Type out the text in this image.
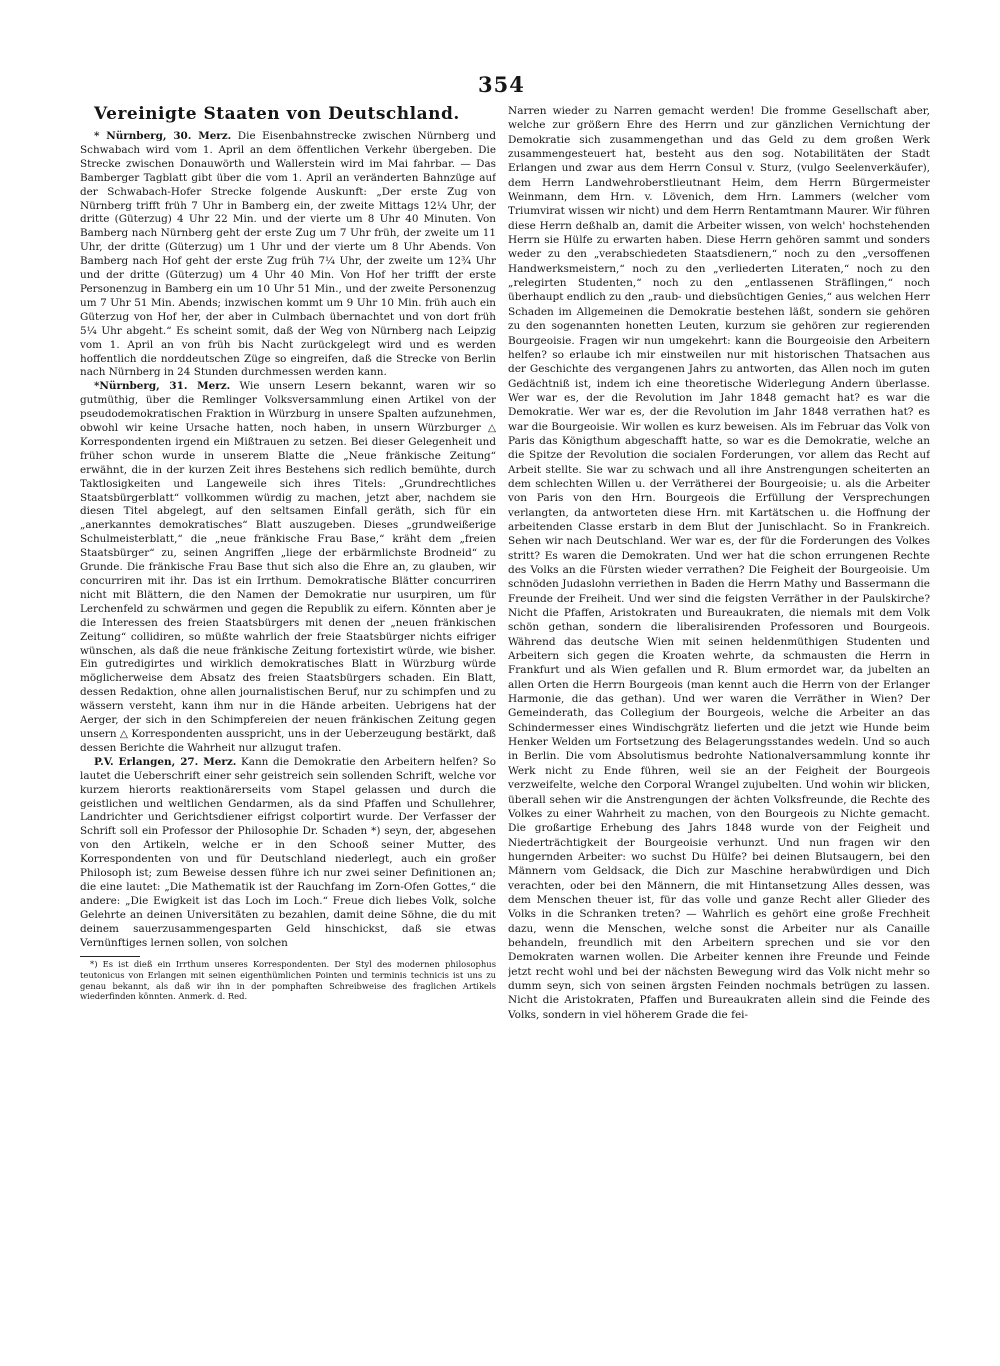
354
Vereinigte Staaten von Deutschland.

* Nürnberg, 30. Merz. Die Eisenbahnstrecke zwischen Nürnberg und Schwabach wird vom 1. April an dem öffentlichen Verkehr übergeben. Die Strecke zwischen Donauwörth und Wallerstein wird im Mai fahrbar. — Das Bamberger Tagblatt gibt über die vom 1. April an veränderten Bahnzüge auf der Schwabach-Hofer Strecke folgende Auskunft: „Der erste Zug von Nürnberg trifft früh 7 Uhr in Bamberg ein, der zweite Mittags 12¼ Uhr, der dritte (Güterzug) 4 Uhr 22 Min. und der vierte um 8 Uhr 40 Minuten. Von Bamberg nach Nürnberg geht der erste Zug um 7 Uhr früh, der zweite um 11 Uhr, der dritte (Güterzug) um 1 Uhr und der vierte um 8 Uhr Abends. Von Bamberg nach Hof geht der erste Zug früh 7¼ Uhr, der zweite um 12¾ Uhr und der dritte (Güterzug) um 4 Uhr 40 Min. Von Hof her trifft der erste Personenzug in Bamberg ein um 10 Uhr 51 Min., und der zweite Personenzug um 7 Uhr 51 Min. Abends; inzwischen kommt um 9 Uhr 10 Min. früh auch ein Güterzug von Hof her, der aber in Culmbach übernachtet und von dort früh 5¼ Uhr abgeht.“ Es scheint somit, daß der Weg von Nürnberg nach Leipzig vom 1. April an von früh bis Nacht zurückgelegt wird und es werden hoffentlich die norddeutschen Züge so eingreifen, daß die Strecke von Berlin nach Nürnberg in 24 Stunden durchmessen werden kann.

*Nürnberg, 31. Merz. Wie unsern Lesern bekannt, waren wir so gutmüthig, über die Remlinger Volksversammlung einen Artikel von der pseudodemokratischen Fraktion in Würzburg in unsere Spalten aufzunehmen, obwohl wir keine Ursache hatten, noch haben, in unsern Würzburger △ Korrespondenten irgend ein Mißtrauen zu setzen. Bei dieser Gelegenheit und früher schon wurde in unserem Blatte die „Neue fränkische Zeitung“ erwähnt, die in der kurzen Zeit ihres Bestehens sich redlich bemühte, durch Taktlosigkeiten und Langeweile sich ihres Titels: „Grundrechtliches Staatsbürgerblatt“ vollkommen würdig zu machen, jetzt aber, nachdem sie diesen Titel abgelegt, auf den seltsamen Einfall geräth, sich für ein „anerkanntes demokratisches“ Blatt auszugeben. Dieses „grundweißerige Schulmeisterblatt,“ die „neue fränkische Frau Base,“ kräht dem „freien Staatsbürger“ zu, seinen Angriffen „liege der erbärmlichste Brodneid“ zu Grunde. Die fränkische Frau Base thut sich also die Ehre an, zu glauben, wir concurriren mit ihr. Das ist ein Irrthum. Demokratische Blätter concurriren nicht mit Blättern, die den Namen der Demokratie nur usurpiren, um für Lerchenfeld zu schwärmen und gegen die Republik zu eifern. Könnten aber je die Interessen des freien Staatsbürgers mit denen der „neuen fränkischen Zeitung“ collidiren, so müßte wahrlich der freie Staatsbürger nichts eifriger wünschen, als daß die neue fränkische Zeitung fortexistirt würde, wie bisher. Ein gutredigirtes und wirklich demokratisches Blatt in Würzburg würde möglicherweise dem Absatz des freien Staatsbürgers schaden. Ein Blatt, dessen Redaktion, ohne allen journalistischen Beruf, nur zu schimpfen und zu wässern versteht, kann ihm nur in die Hände arbeiten. Uebrigens hat der Aerger, der sich in den Schimpfereien der neuen fränkischen Zeitung gegen unsern △ Korrespondenten ausspricht, uns in der Ueberzeugung bestärkt, daß dessen Berichte die Wahrheit nur allzugut trafen.

P.V. Erlangen, 27. Merz. Kann die Demokratie den Arbeitern helfen? So lautet die Ueberschrift einer sehr geistreich sein sollenden Schrift, welche vor kurzem hierorts reaktionärerseits vom Stapel gelassen und durch die geistlichen und weltlichen Gendarmen, als da sind Pfaffen und Schullehrer, Landrichter und Gerichtsdiener eifrigst colportirt wurde. Der Verfasser der Schrift soll ein Professor der Philosophie Dr. Schaden *) seyn, der, abgesehen von den Artikeln, welche er in den Schooß seiner Mutter, des Korrespondenten von und für Deutschland niederlegt, auch ein großer Philosoph ist; zum Beweise dessen führe ich nur zwei seiner Definitionen an; die eine lautet: „Die Mathematik ist der Rauchfang im Zorn-Ofen Gottes,“ die andere: „Die Ewigkeit ist das Loch im Loch.“ Freue dich liebes Volk, solche Gelehrte an deinen Universitäten zu bezahlen, damit deine Söhne, die du mit deinem sauerzusammengesparten Geld hinschickst, daß sie etwas Vernünftiges lernen sollen, von solchen

*) Es ist dieß ein Irrthum unseres Korrespondenten. Der Styl des modernen philosophus teutonicus von Erlangen mit seinen eigenthümlichen Pointen und terminis technicis ist uns zu genau bekannt, als daß wir ihn in der pomphaften Schreibweise des fraglichen Artikels wiederfinden könnten. Anmerk. d. Red.

Narren wieder zu Narren gemacht werden! Die fromme Gesellschaft aber, welche zur größern Ehre des Herrn und zur gänzlichen Vernichtung der Demokratie sich zusammengethan und das Geld zu dem großen Werk zusammengesteuert hat, besteht aus den sog. Notabilitäten der Stadt Erlangen und zwar aus dem Herrn Consul v. Sturz, (vulgo Seelenverkäufer), dem Herrn Landwehroberstlieutnant Heim, dem Herrn Bürgermeister Weinmann, dem Hrn. v. Lövenich, dem Hrn. Lammers (welcher vom Triumvirat wissen wir nicht) und dem Herrn Rentamtmann Maurer. Wir führen diese Herrn deßhalb an, damit die Arbeiter wissen, von welch' hochstehenden Herrn sie Hülfe zu erwarten haben. Diese Herrn gehören sammt und sonders weder zu den „verabschiedeten Staatsdienern,“ noch zu den „versoffenen Handwerksmeistern,“ noch zu den „verliederten Literaten,“ noch zu den „relegirten Studenten,“ noch zu den „entlassenen Sträflingen,“ noch überhaupt endlich zu den „raub- und diebsüchtigen Genies,“ aus welchen Herr Schaden im Allgemeinen die Demokratie bestehen läßt, sondern sie gehören zu den sogenannten honetten Leuten, kurzum sie gehören zur regierenden Bourgeoisie. Fragen wir nun umgekehrt: kann die Bourgeoisie den Arbeitern helfen? so erlaube ich mir einstweilen nur mit historischen Thatsachen aus der Geschichte des vergangenen Jahrs zu antworten, das Allen noch im guten Gedächtniß ist, indem ich eine theoretische Widerlegung Andern überlasse. Wer war es, der die Revolution im Jahr 1848 gemacht hat? es war die Demokratie. Wer war es, der die Revolution im Jahr 1848 verrathen hat? es war die Bourgeoisie. Wir wollen es kurz beweisen. Als im Februar das Volk von Paris das Königthum abgeschafft hatte, so war es die Demokratie, welche an die Spitze der Revolution die socialen Forderungen, vor allem das Recht auf Arbeit stellte. Sie war zu schwach und all ihre Anstrengungen scheiterten an dem schlechten Willen u. der Verrätherei der Bourgeoisie; u. als die Arbeiter von Paris von den Hrn. Bourgeois die Erfüllung der Versprechungen verlangten, da antworteten diese Hrn. mit Kartätschen u. die Hoffnung der arbeitenden Classe erstarb in dem Blut der Junischlacht. So in Frankreich. Sehen wir nach Deutschland. Wer war es, der für die Forderungen des Volkes stritt? Es waren die Demokraten. Und wer hat die schon errungenen Rechte des Volks an die Fürsten wieder verrathen? Die Feigheit der Bourgeoisie. Um schnöden Judaslohn verriethen in Baden die Herrn Mathy und Bassermann die Freunde der Freiheit. Und wer sind die feigsten Verräther in der Paulskirche? Nicht die Pfaffen, Aristokraten und Bureaukraten, die niemals mit dem Volk schön gethan, sondern die liberalisirenden Professoren und Bourgeois. Während das deutsche Wien mit seinen heldenmüthigen Studenten und Arbeitern sich gegen die Kroaten wehrte, da schmausten die Herrn in Frankfurt und als Wien gefallen und R. Blum ermordet war, da jubelten an allen Orten die Herrn Bourgeois (man kennt auch die Herrn von der Erlanger Harmonie, die das gethan). Und wer waren die Verräther in Wien? Der Gemeinderath, das Collegium der Bourgeois, welche die Arbeiter an das Schindermesser eines Windischgrätz lieferten und die jetzt wie Hunde beim Henker Welden um Fortsetzung des Belagerungsstandes wedeln. Und so auch in Berlin. Die vom Absolutismus bedrohte Nationalversammlung konnte ihr Werk nicht zu Ende führen, weil sie an der Feigheit der Bourgeois verzweifelte, welche den Corporal Wrangel zujubelten. Und wohin wir blicken, überall sehen wir die Anstrengungen der ächten Volksfreunde, die Rechte des Volkes zu einer Wahrheit zu machen, von den Bourgeois zu Nichte gemacht. Die großartige Erhebung des Jahrs 1848 wurde von der Feigheit und Niederträchtigkeit der Bourgeoisie verhunzt. Und nun fragen wir den hungernden Arbeiter: wo suchst Du Hülfe? bei deinen Blutsaugern, bei den Männern vom Geldsack, die Dich zur Maschine herabwürdigen und Dich verachten, oder bei den Männern, die mit Hintansetzung Alles dessen, was dem Menschen theuer ist, für das volle und ganze Recht aller Glieder des Volks in die Schranken treten? — Wahrlich es gehört eine große Frechheit dazu, wenn die Menschen, welche sonst die Arbeiter nur als Canaille behandeln, freundlich mit den Arbeitern sprechen und sie vor den Demokraten warnen wollen. Die Arbeiter kennen ihre Freunde und Feinde jetzt recht wohl und bei der nächsten Bewegung wird das Volk nicht mehr so dumm seyn, sich von seinen ärgsten Feinden nochmals betrügen zu lassen. Nicht die Aristokraten, Pfaffen und Bureaukraten allein sind die Feinde des Volks, sondern in viel höherem Grade die fei-
